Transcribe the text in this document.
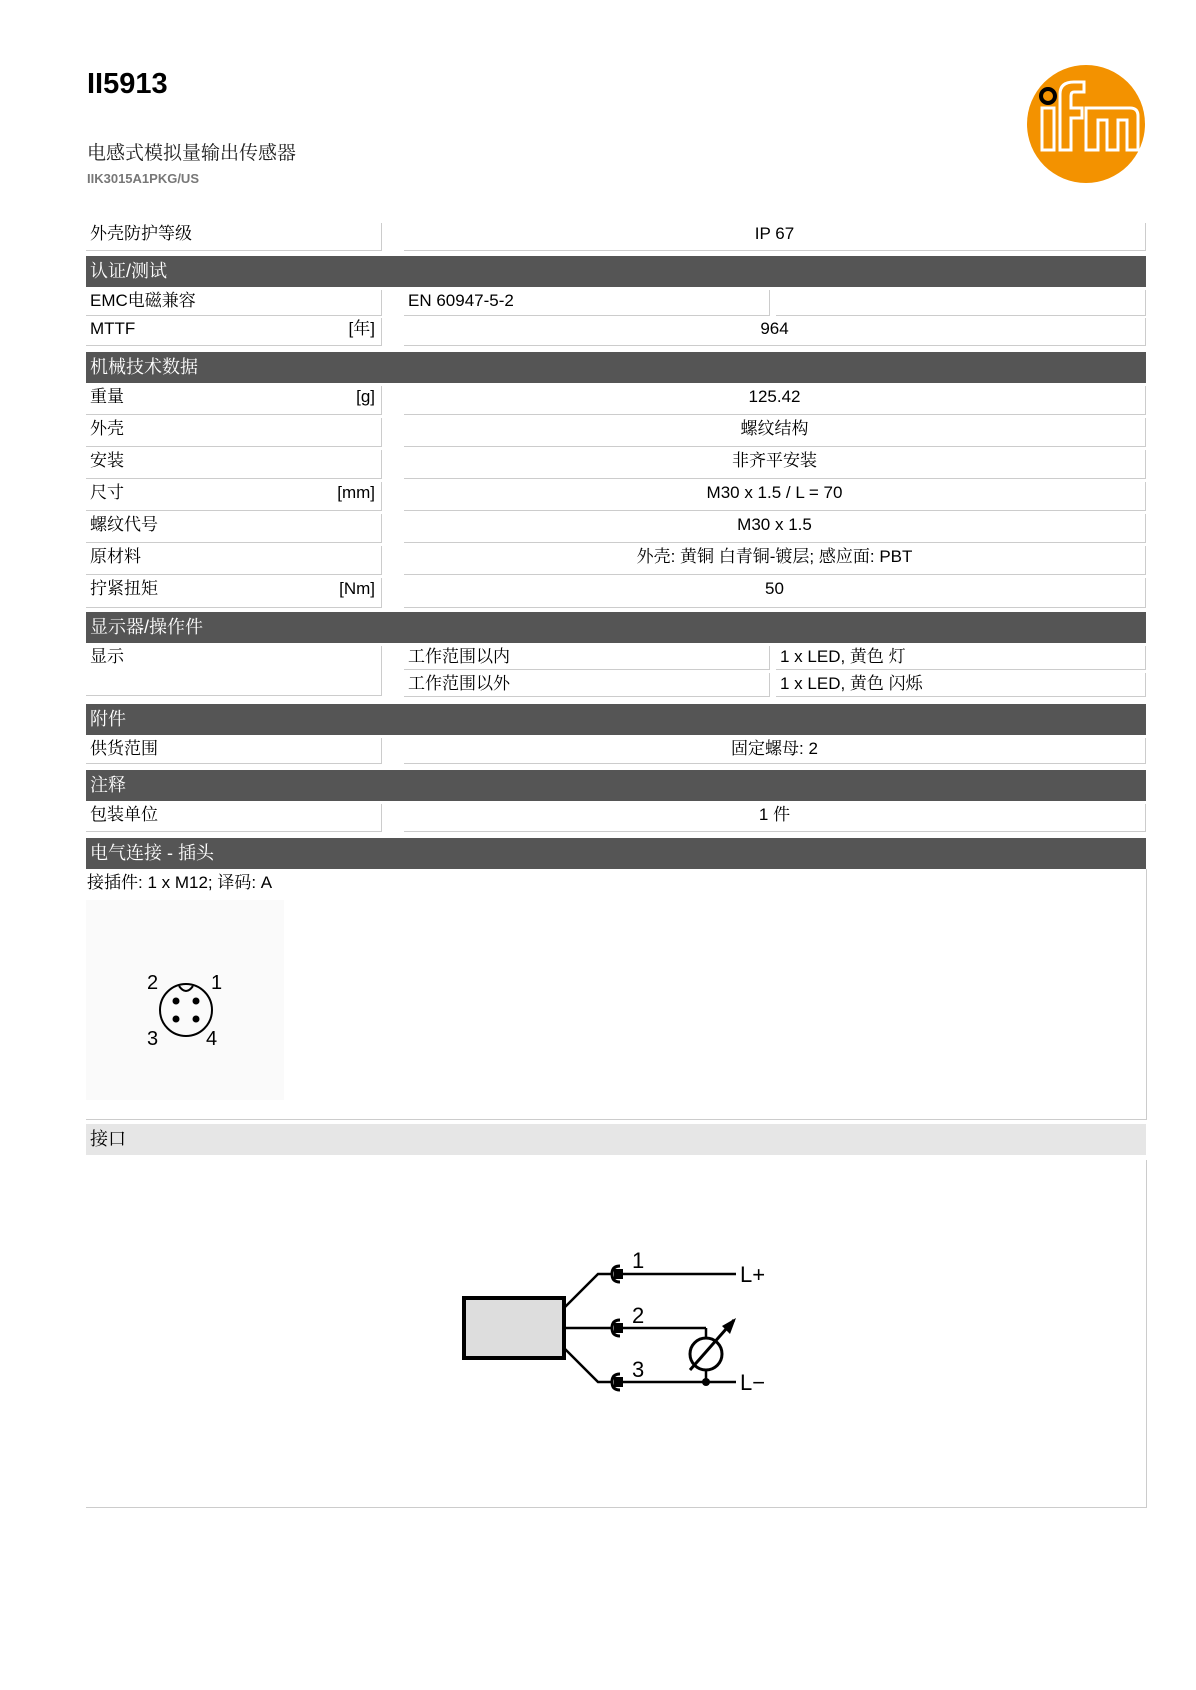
II5913
电感式模拟量输出传感器
IIK3015A1PKG/US
外壳防护等级	IP 67
认证/测试
EMC电磁兼容	EN 60947-5-2
MTTF	[年]	964
机械技术数据
重量	[g]	125.42
外壳	螺纹结构
安装	非齐平安装
尺寸	[mm]	M30 x 1.5 / L = 70
螺纹代号	M30 x 1.5
原材料	外壳: 黄铜 白青铜-镀层; 感应面: PBT
拧紧扭矩	[Nm]	50
显示器/操作件
显示	工作范围以内	1 x LED, 黄色 灯
工作范围以外	1 x LED, 黄色 闪烁
附件
供货范围	固定螺母: 2
注释
包装单位	1 件
电气连接 - 插头
接插件: 1 x M12; 译码: A
2	1
3 4
接口
1
2
3
L+
L−
